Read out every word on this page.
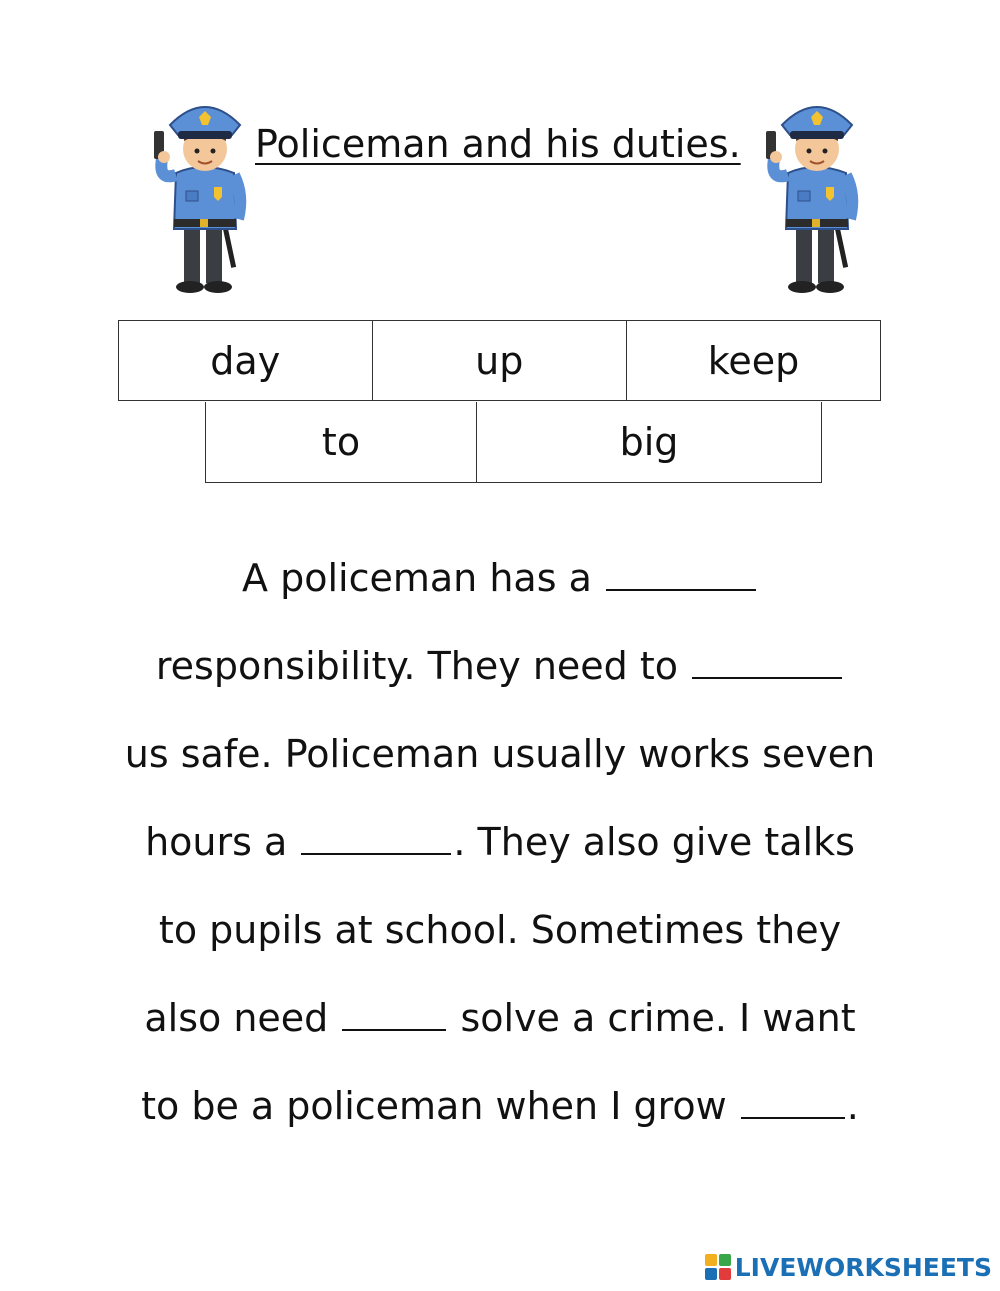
Policeman and his duties.
day	up	keep
to	big
A policeman has a
responsibility. They need to
us safe. Policeman usually works seven
hours a	. They also give talks
to pupils at school. Sometimes they
also need	solve a crime. I want
to be a policeman when I grow	.
LIVEWORKSHEETS
